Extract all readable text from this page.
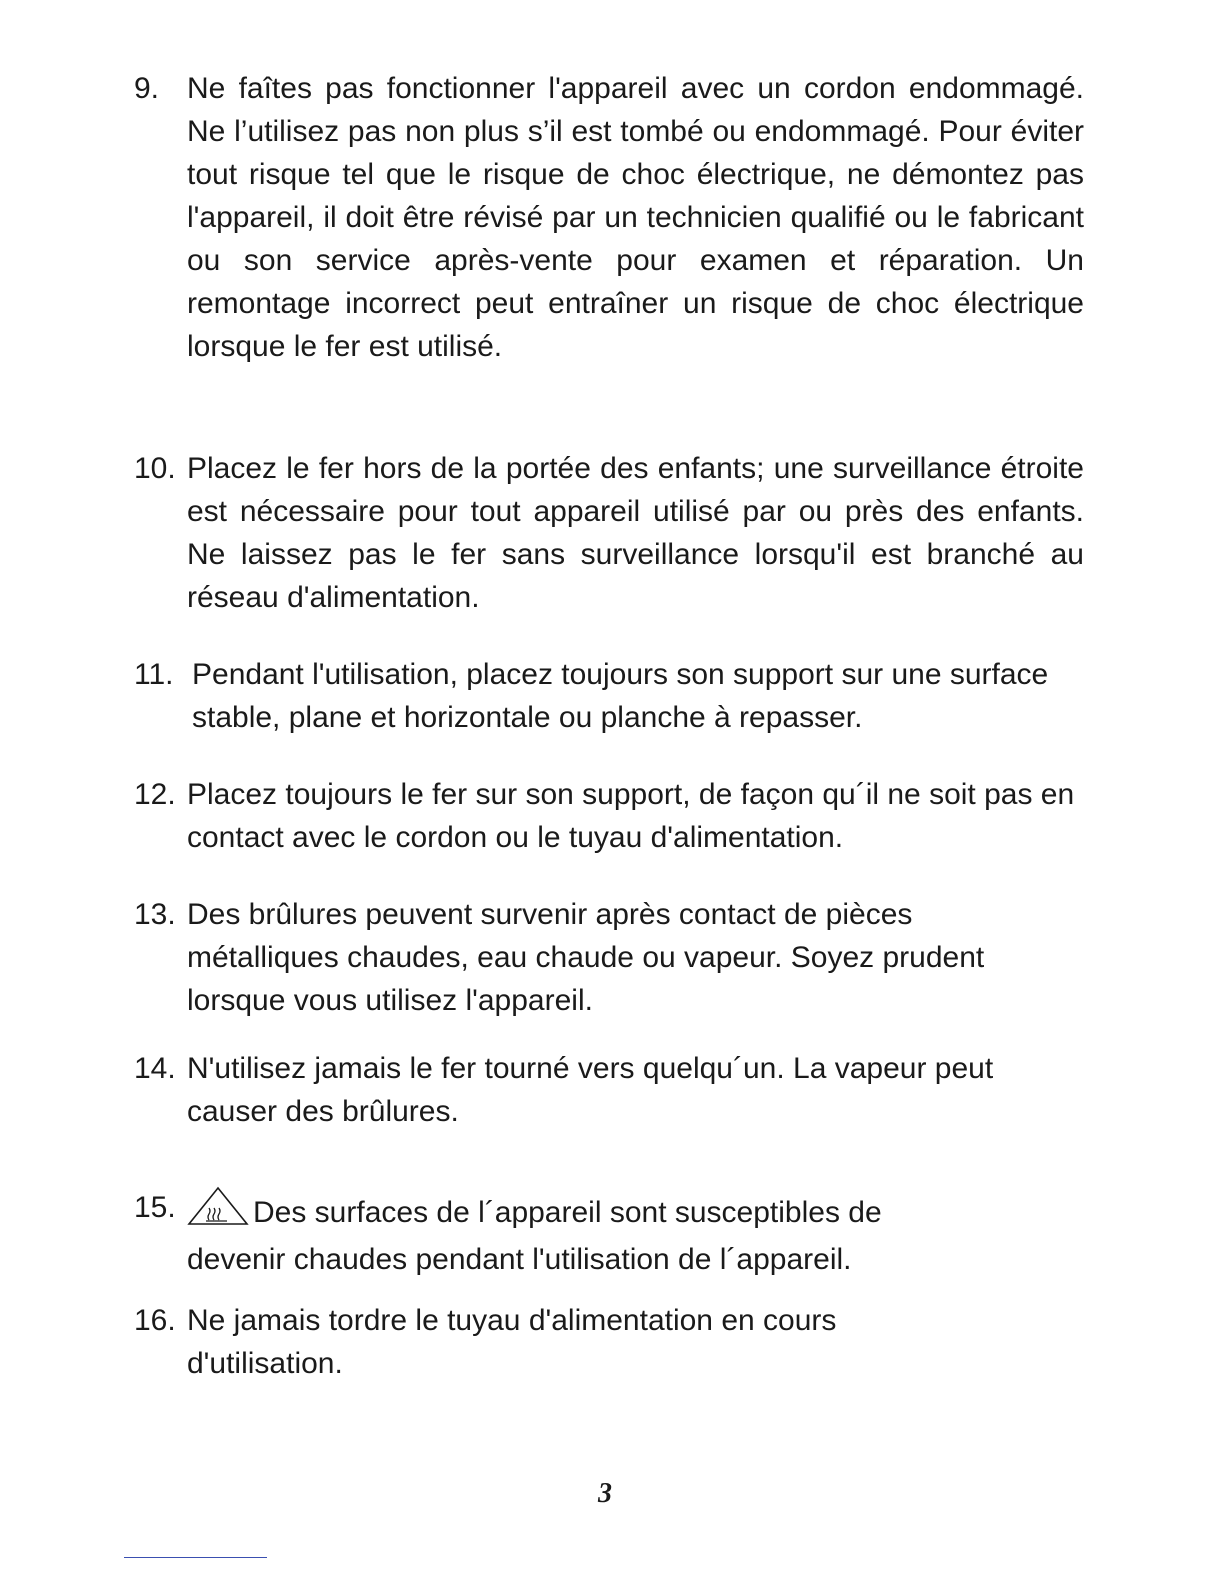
9. Ne faîtes pas fonctionner l'appareil avec un cordon endommagé. Ne l’utilisez pas non plus s’il est tombé ou endommagé. Pour éviter tout risque tel que le risque de choc électrique, ne démontez pas l'appareil, il doit être révisé par un technicien qualifié ou le fabricant ou son service après-vente pour examen et réparation. Un remontage incorrect peut entraîner un risque de choc électrique lorsque le fer est utilisé.
10. Placez le fer hors de la portée des enfants; une surveillance étroite est nécessaire pour tout appareil utilisé par ou près des enfants. Ne laissez pas le fer sans surveillance lorsqu'il est branché au réseau d'alimentation.
11. Pendant l'utilisation, placez toujours son support sur une surface stable, plane et horizontale ou planche à repasser.
12. Placez toujours le fer sur son support, de façon qu´il ne soit pas en contact avec le cordon ou le tuyau d'alimentation.
13. Des brûlures peuvent survenir après contact de pièces métalliques chaudes, eau chaude ou vapeur. Soyez prudent lorsque vous utilisez l'appareil.
14. N'utilisez jamais le fer tourné vers quelqu´un. La vapeur peut causer des brûlures.
15.	Des surfaces de l´appareil sont susceptibles de devenir chaudes pendant l'utilisation de l´appareil.
16. Ne jamais tordre le tuyau d'alimentation en cours d'utilisation.
3
